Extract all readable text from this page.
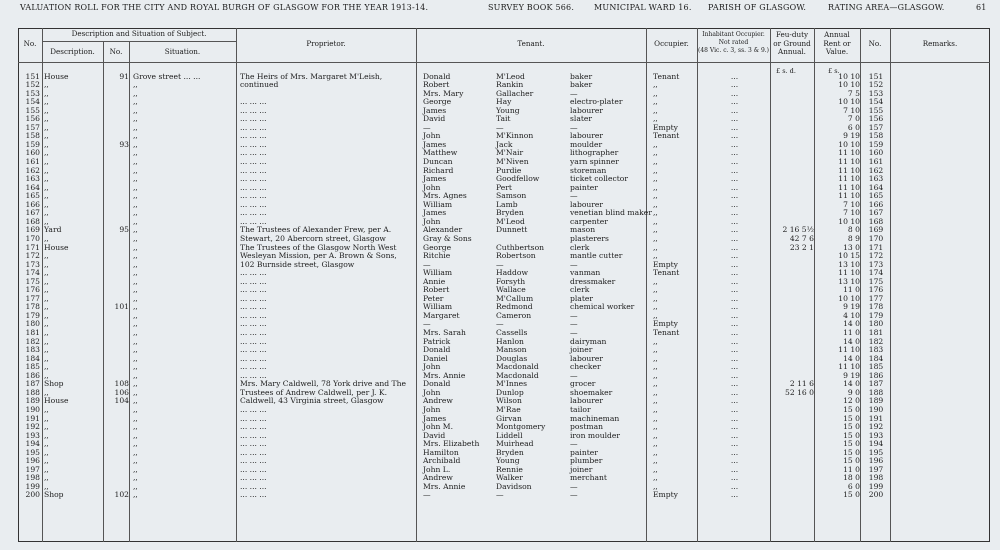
VALUATION ROLL FOR THE CITY AND ROYAL BURGH OF GLASGOW FOR THE YEAR 1913-14.	SURVEY BOOK 566. MUNICIPAL WARD 16. PARISH OF GLASGOW.	RATING AREA—GLASGOW.	61
No.
Description and Situation of Subject.
Description.	No.	Situation.
Proprietor.	Tenant.	Occupier.
Inhabitant Occupier.
Not rated
(48 Vic. c. 3, ss. 3 & 9.)
Feu-duty
or Ground
Annual.
Annual
Rent or
Value.
No.	Remarks.
£ s. d.	£ s.
151 House	91 Grove street ... ...	The Heirs of Mrs. Margaret M'Leish,	Donald	M'Leod	baker	Tenant	...	10 10	151
152 ,,	,,	continued	Robert	Rankin	baker	,,	...	10 10	152
153 ,,	,,	Mrs. Mary	Gallacher	—	,,	...	7 5	153
154 ,,	,,	... ... ...	George	Hay	electro-plater	,,	...	10 10	154
155 ,,	,,	... ... ...	James	Young	labourer	,,	...	7 10	155
156 ,,	,,	... ... ...	David	Tait	slater	,,	...	7 0	156
157 ,,	,,	... ... ...	—	—	—	Empty	...	6 0	157
158 ,,	,,	... ... ...	John	M'Kinnon	labourer	Tenant	...	9 19	158
159 ,,	93 ,,	... ... ...	James	Jack	moulder	,,	...	10 10	159
160 ,,	,,	... ... ...	Matthew	M'Nair	lithographer	,,	...	11 10	160
161 ,,	,,	... ... ...	Duncan	M'Niven	yarn spinner	,,	...	11 10	161
162 ,,	,,	... ... ...	Richard	Purdie	storeman	,,	...	11 10	162
163 ,,	,,	... ... ...	James	Goodfellow	ticket collector	,,	...	11 10	163
164 ,,	,,	... ... ...	John	Pert	painter	,,	...	11 10	164
165 ,,	,,	... ... ...	Mrs. Agnes	Samson	—	,,	...	11 10	165
166 ,,	,,	... ... ...	William	Lamb	labourer	,,	...	7 10	166
167 ,,	,,	... ... ...	James	Bryden	venetian blind maker ,,	...	7 10	167
168 ,,	,,	... ... ...	John	M'Leod	carpenter	,,	...	10 10	168
169 Yard	95 ,,	The Trustees of Alexander Frew, per A.	Alexander	Dunnett	mason	,,	...	2 16 5½	8 0	169
170 ,,	,,	Stewart, 20 Abercorn street, Glasgow	Gray & Sons	plasterers	,,	...	42 7 6	8 9	170
171 House	,,	The Trustees of the Glasgow North West	George	Cuthbertson	clerk	,,	...	23 2 1	13 0	171
172 ,,	,,	Wesleyan Mission, per A. Brown & Sons,	Ritchie	Robertson	mantle cutter	,,	...	10 15	172
173 ,,	,,	102 Burnside street, Glasgow	—	—	—	Empty	...	13 10	173
174 ,,	,,	... ... ...	William	Haddow	vanman	Tenant	...	11 10	174
175 ,,	,,	... ... ...	Annie	Forsyth	dressmaker	,,	...	13 10	175
176 ,,	,,	... ... ...	Robert	Wallace	clerk	,,	...	11 0	176
177 ,,	,,	... ... ...	Peter	M'Callum	plater	,,	...	10 10	177
178 ,,	101 ,,	... ... ...	William	Redmond	chemical worker	,,	...	9 19	178
179 ,,	,,	... ... ...	Margaret	Cameron	—	,,	...	4 10	179
180 ,,	,,	... ... ...	—	—	—	Empty	...	14 0	180
181 ,,	,,	... ... ...	Mrs. Sarah	Cassells	—	Tenant	...	11 0	181
182 ,,	,,	... ... ...	Patrick	Hanlon	dairyman	,,	...	14 0	182
183 ,,	,,	... ... ...	Donald	Manson	joiner	,,	...	11 10	183
184 ,,	,,	... ... ...	Daniel	Douglas	labourer	,,	...	14 0	184
185 ,,	,,	... ... ...	John	Macdonald	checker	,,	...	11 10	185
186 ,,	,,	... ... ...	Mrs. Annie	Macdonald	—	,,	...	9 19	186
187 Shop	108 ,,	Mrs. Mary Caldwell, 78 York drive and The	Donald	M'Innes	grocer	,,	...	2 11 6	14 0	187
188 ,,	106 ,,	Trustees of Andrew Caldwell, per J. K.	John	Dunlop	shoemaker	,,	...	52 16 0	9 0	188
189 House	104 ,,	Caldwell, 43 Virginia street, Glasgow	Andrew	Wilson	labourer	,,	...	12 0	189
190 ,,	,,	... ... ...	John	M'Rae	tailor	,,	...	15 0	190
191 ,,	,,	... ... ...	James	Girvan	machineman	,,	...	15 0	191
192 ,,	,,	... ... ...	John M.	Montgomery	postman	,,	...	15 0	192
193 ,,	,,	... ... ...	David	Liddell	iron moulder	,,	...	15 0	193
194 ,,	,,	... ... ...	Mrs. Elizabeth	Muirhead	—	,,	...	15 0	194
195 ,,	,,	... ... ...	Hamilton	Bryden	painter	,,	...	15 0	195
196 ,,	,,	... ... ...	Archibald	Young	plumber	,,	...	15 0	196
197 ,,	,,	... ... ...	John L.	Rennie	joiner	,,	...	11 0	197
198 ,,	,,	... ... ...	Andrew	Walker	merchant	,,	...	18 0	198
199 ,,	,,	... ... ...	Mrs. Annie	Davidson	—	,,	...	6 0	199
200 Shop	102 ,,	... ... ...	—	—	—	Empty	...	15 0	200
